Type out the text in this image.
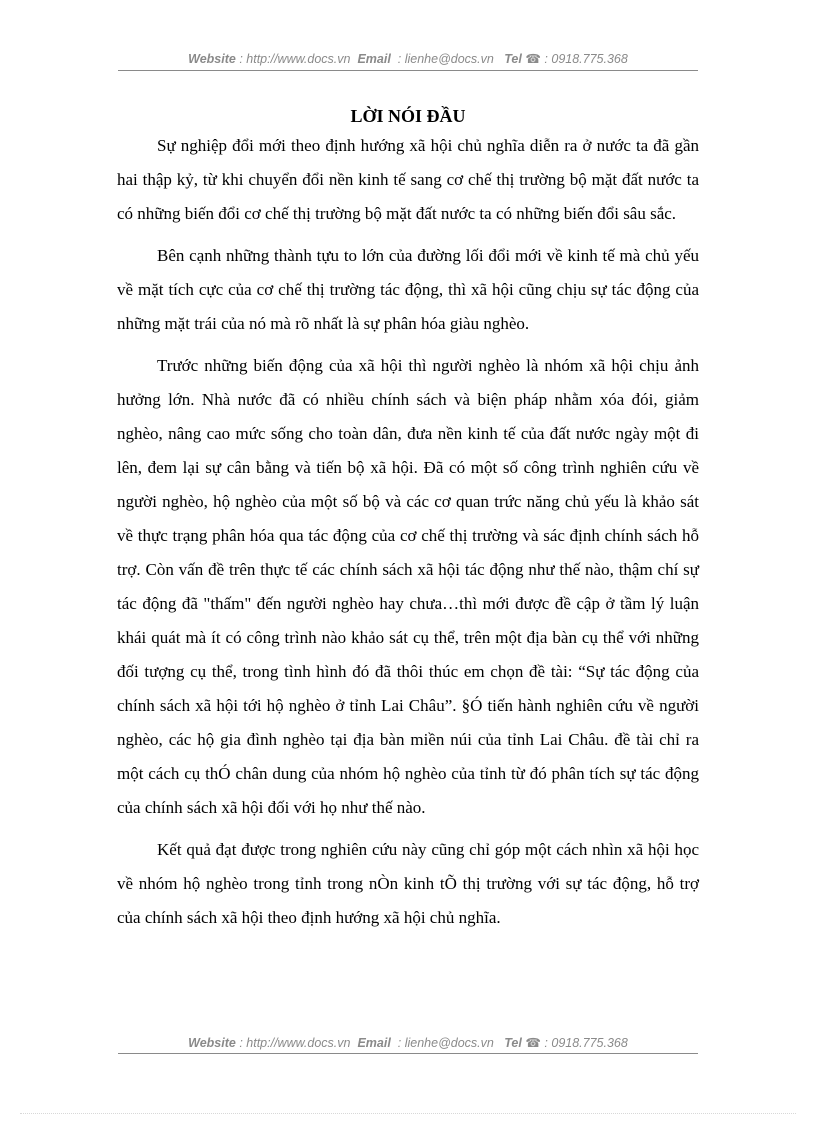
Website : http://www.docs.vn Email : lienhe@docs.vn Tel ☎ : 0918.775.368
LỜI NÓI ĐẦU

Sự nghiệp đổi mới theo định hướng xã hội chủ nghĩa diễn ra ở nước ta đã gần hai thập kỷ, từ khi chuyển đổi nền kinh tế sang cơ chế thị trường bộ mặt đất nước ta có những biến đổi cơ chế thị trường bộ mặt đất nước ta có những biến đổi sâu sắc.

Bên cạnh những thành tựu to lớn của đường lối đổi mới về kinh tế mà chủ yếu về mặt tích cực của cơ chế thị trường tác động, thì xã hội cũng chịu sự tác động của những mặt trái của nó mà rõ nhất là sự phân hóa giàu nghèo.

Trước những biến động của xã hội thì người nghèo là nhóm xã hội chịu ảnh hưởng lớn. Nhà nước đã có nhiều chính sách và biện pháp nhằm xóa đói, giảm nghèo, nâng cao mức sống cho toàn dân, đưa nền kinh tế của đất nước ngày một đi lên, đem lại sự cân bằng và tiến bộ xã hội. Đã có một số công trình nghiên cứu về người nghèo, hộ nghèo của một số bộ và các cơ quan trức năng chủ yếu là khảo sát về thực trạng phân hóa qua tác động của cơ chế thị trường và sác định chính sách hỗ trợ. Còn vấn đề trên thực tế các chính sách xã hội tác động như thế nào, thậm chí sự tác động đã "thấm" đến người nghèo hay chưa…thì mới được đề cập ở tầm lý luận khái quát mà ít có công trình nào khảo sát cụ thể, trên một địa bàn cụ thể với những đối tượng cụ thể, trong tình hình đó đã thôi thúc em chọn đề tài: “Sự tác động của chính sách xã hội tới hộ nghèo ở tỉnh Lai Châu”. §Ó tiến hành nghiên cứu về người nghèo, các hộ gia đình nghèo tại địa bàn miền núi của tỉnh Lai Châu. đề tài chỉ ra một cách cụ thÓ chân dung của nhóm hộ nghèo của tỉnh từ đó phân tích sự tác động của chính sách xã hội đối với họ như thế nào.

Kết quả đạt được trong nghiên cứu này cũng chỉ góp một cách nhìn xã hội học về nhóm hộ nghèo trong tỉnh trong nÒn kinh tÕ thị trường với sự tác động, hỗ trợ của chính sách xã hội theo định hướng xã hội chủ nghĩa.

Website : http://www.docs.vn Email : lienhe@docs.vn Tel ☎ : 0918.775.368
